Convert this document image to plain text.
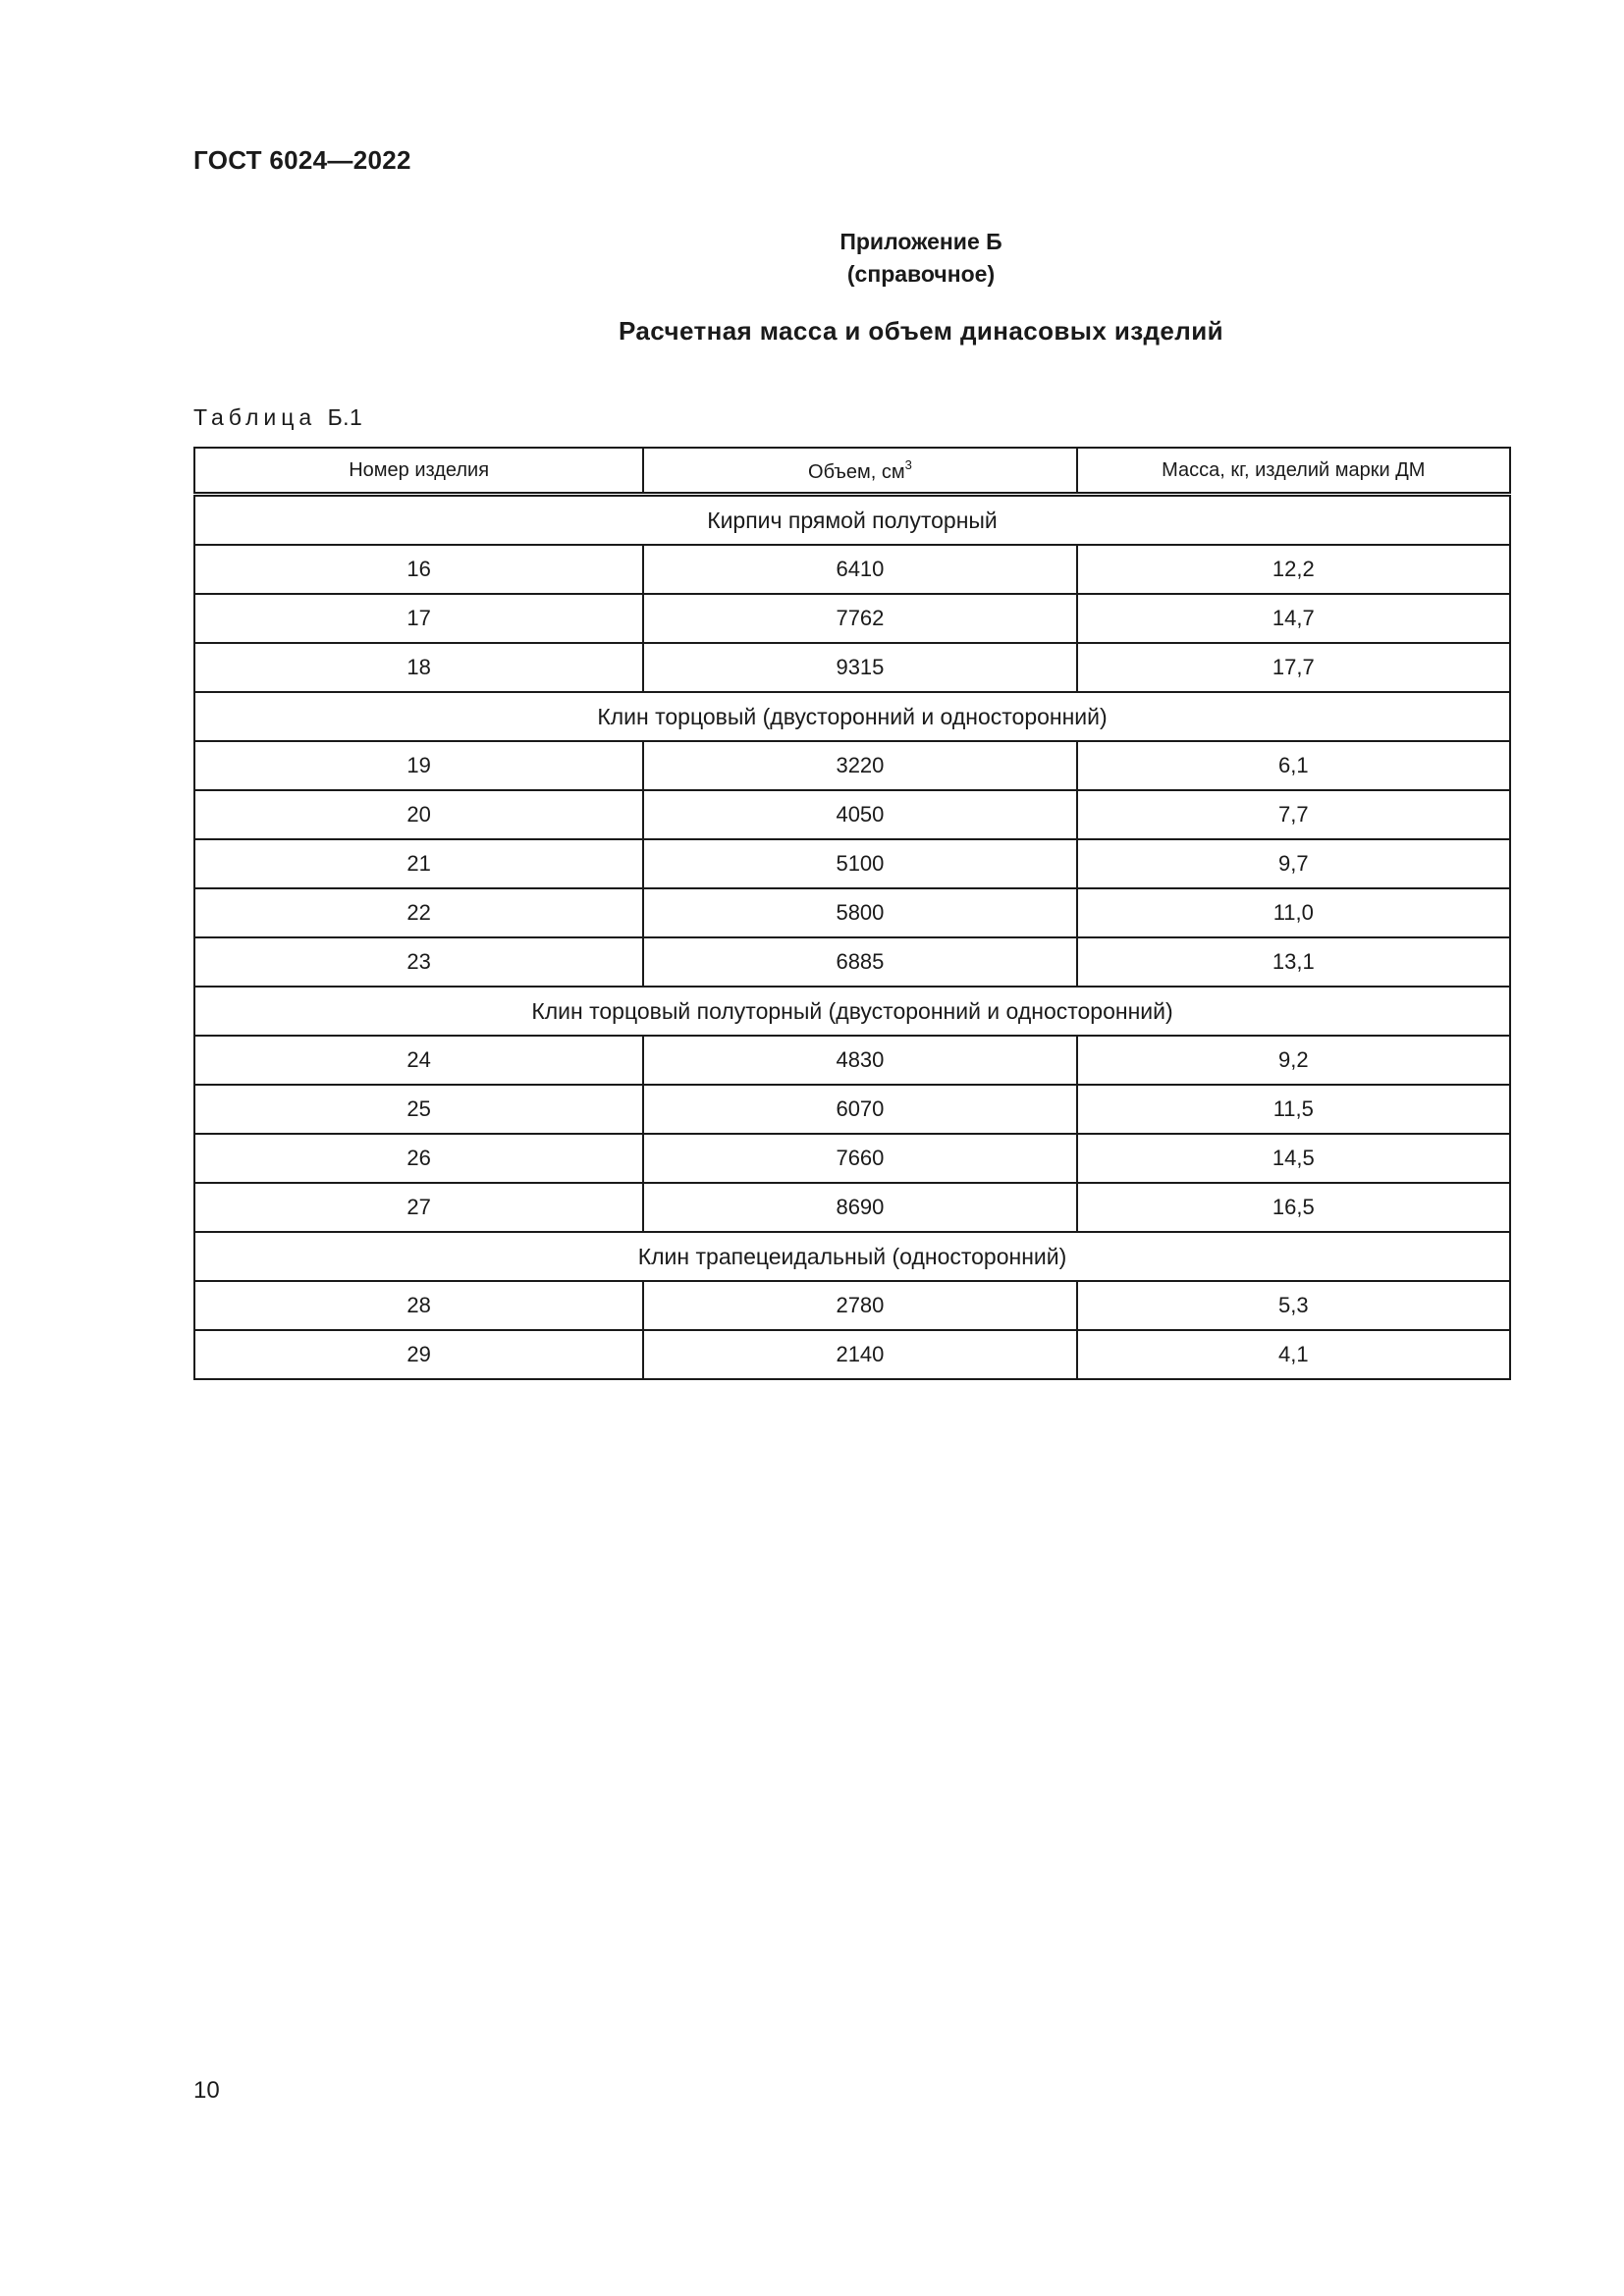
ГОСТ 6024—2022
Приложение Б
(справочное)
Расчетная масса и объем динасовых изделий
Таблица Б.1
Номер изделия	Объем, $см^3$	Масса, кг, изделий марки ДМ
Кирпич прямой полуторный		
16	6410	12,2
17	7762	14,7
18	9315	17,7
Клин торцовый (двусторонний и односторонний)		
19	3220	6,1
20	4050	7,7
21	5100	9,7
22	5800	11,0
23	6885	13,1
Клин торцовый полуторный (двусторонний и односторонний)		
24	4830	9,2
25	6070	11,5
26	7660	14,5
27	8690	16,5
Клин трапецеидальный (односторонний)		
28	2780	5,3
29	2140	4,1
10
